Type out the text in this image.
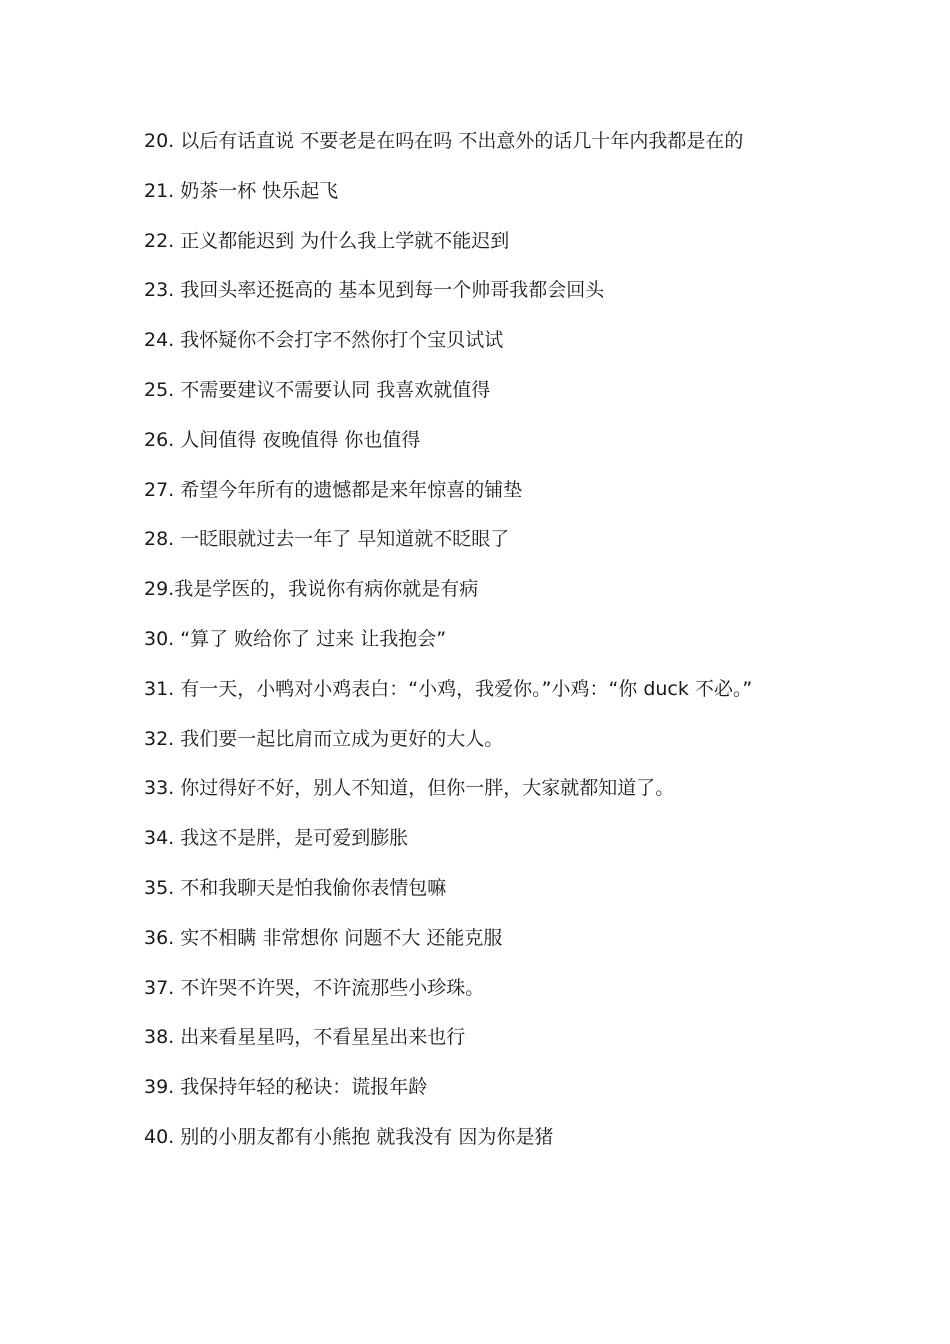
20. 以后有话直说 不要老是在吗在吗 不出意外的话几十年内我都是在的

21. 奶茶一杯 快乐起飞

22. 正义都能迟到 为什么我上学就不能迟到

23. 我回头率还挺高的 基本见到每一个帅哥我都会回头

24. 我怀疑你不会打字不然你打个宝贝试试

25. 不需要建议不需要认同 我喜欢就值得

26. 人间值得 夜晚值得 你也值得

27. 希望今年所有的遗憾都是来年惊喜的铺垫

28. 一眨眼就过去一年了 早知道就不眨眼了

29.我是学医的，我说你有病你就是有病

30. “算了 败给你了 过来 让我抱会”

31. 有一天，小鸭对小鸡表白：“小鸡，我爱你。”小鸡：“你 duck 不必。”

32. 我们要一起比肩而立成为更好的大人。

33. 你过得好不好，别人不知道，但你一胖，大家就都知道了。

34. 我这不是胖，是可爱到膨胀

35. 不和我聊天是怕我偷你表情包嘛

36. 实不相瞒 非常想你 问题不大 还能克服

37. 不许哭不许哭，不许流那些小珍珠。

38. 出来看星星吗，不看星星出来也行

39. 我保持年轻的秘诀：谎报年龄

40. 别的小朋友都有小熊抱 就我没有 因为你是猪
